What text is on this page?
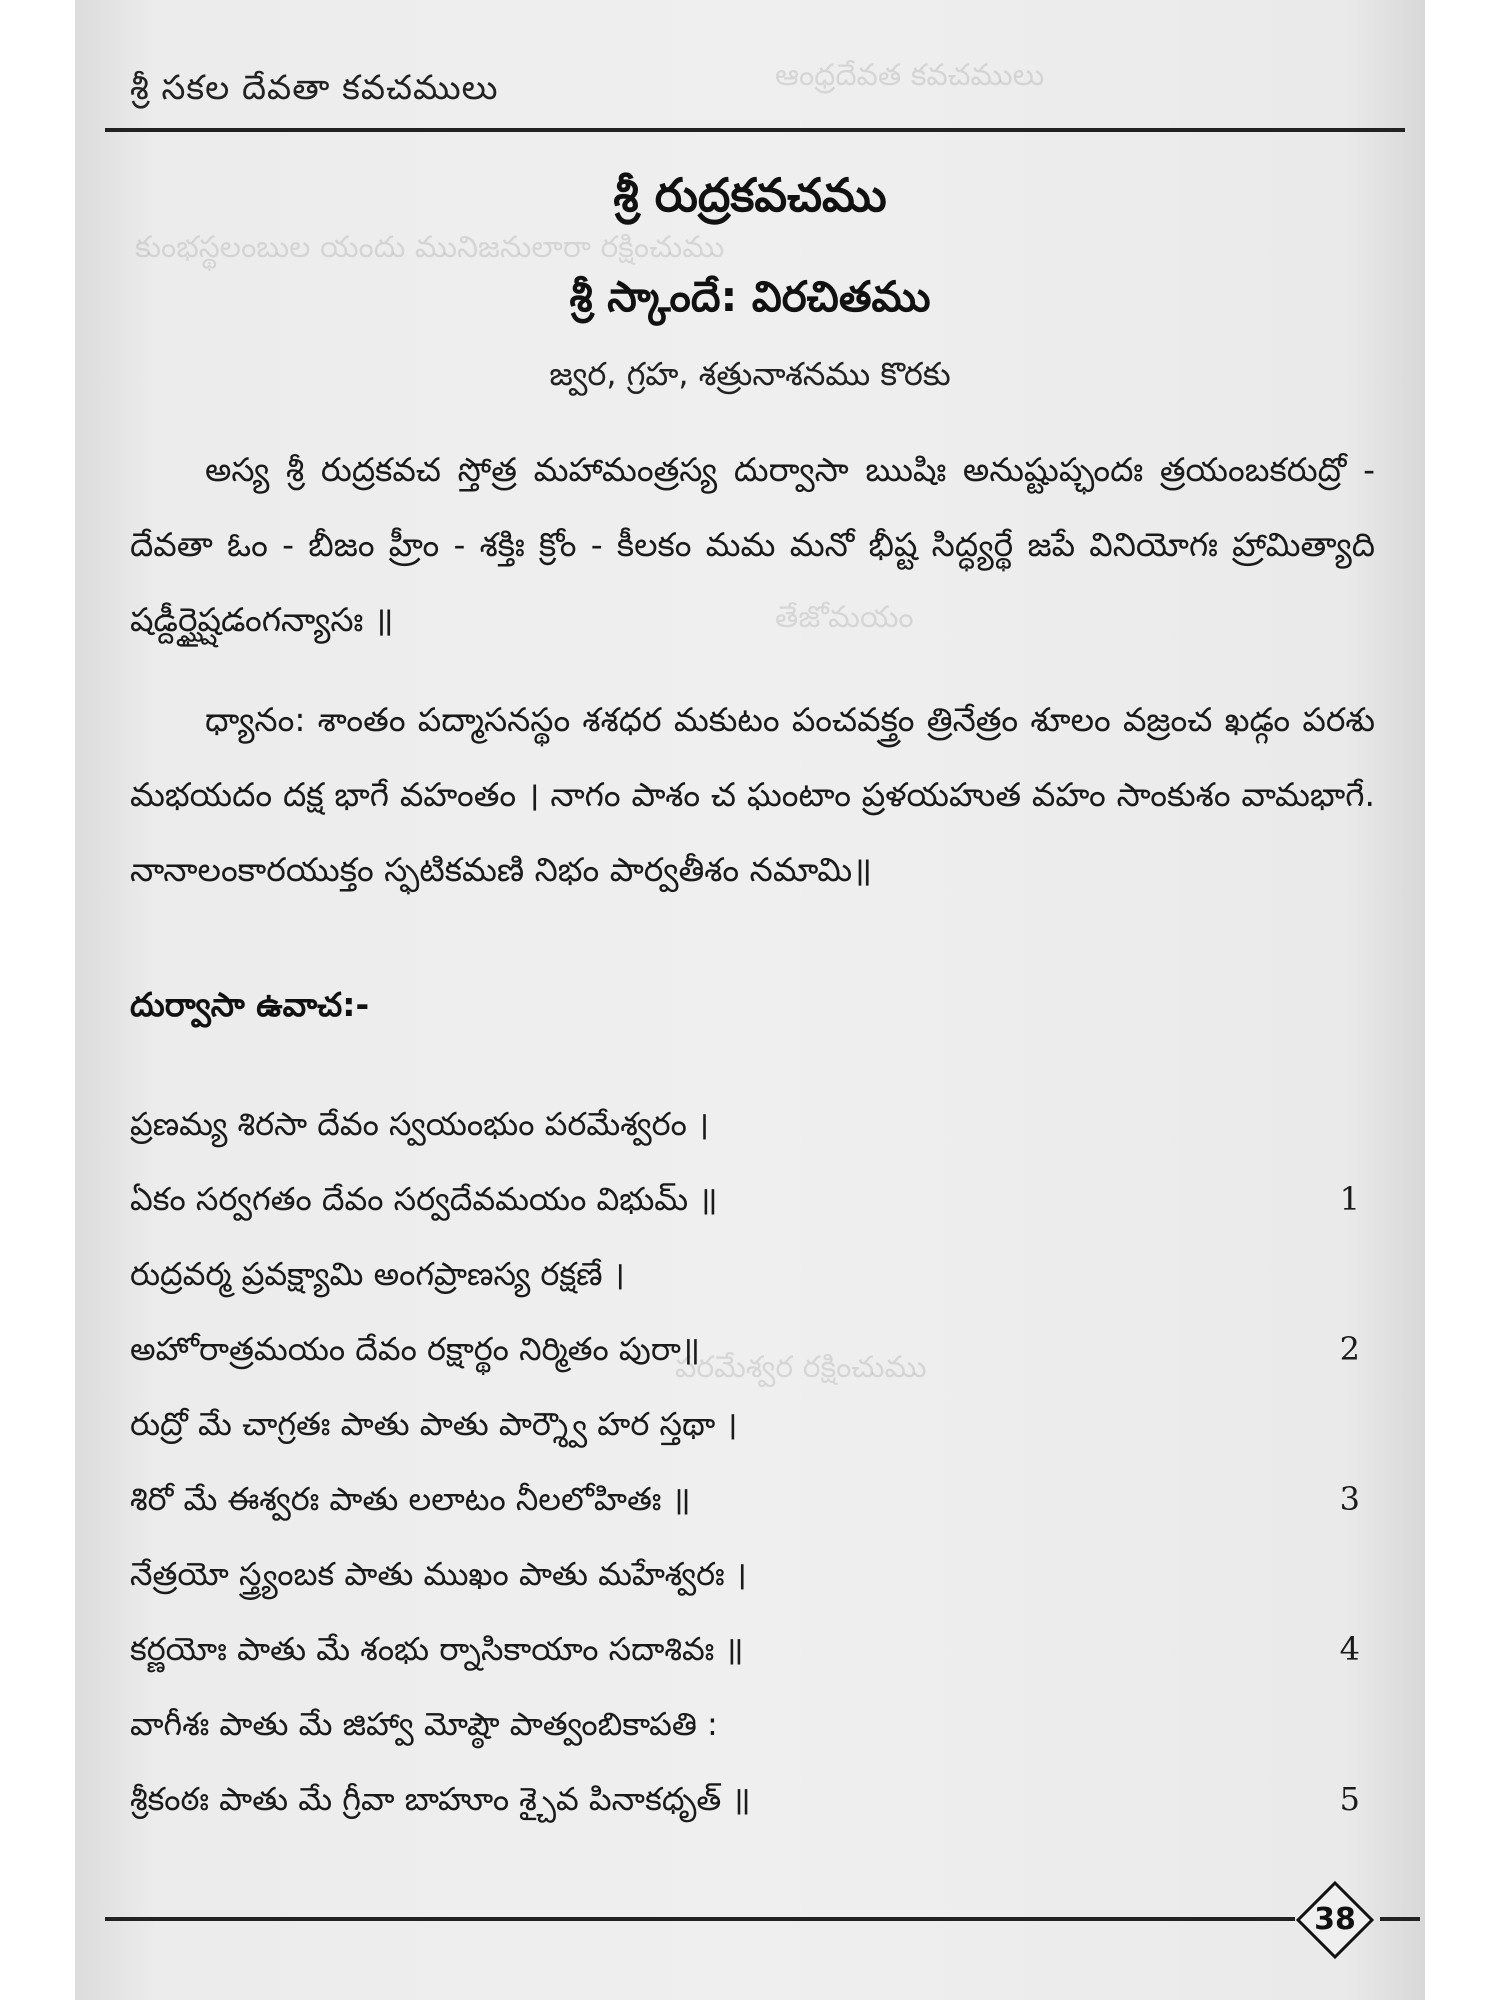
ఆంధ్రదేవత కవచములు
కుంభస్థలంబుల యందు మునిజనులారా రక్షించుము
తేజోమయం
పరమేశ్వర రక్షించుము
శ్రీ సకల దేవతా కవచములు
శ్రీ రుద్రకవచము
శ్రీ స్కాందే: విరచితము
జ్వర, గ్రహ, శత్రునాశనము కొరకు
అస్య శ్రీ రుద్రకవచ స్తోత్ర మహామంత్రస్య దుర్వాసా ఋషిః అనుష్టుప్ఛందః త్రయంబకరుద్రో - దేవతా ఓం - బీజం హ్రీం - శక్తిః క్రోం - కీలకం మమ మనో భీష్ట సిద్ధ్యర్థే జపే వినియోగః హ్రామిత్యాది షడ్దీర్ఘైష్షడంగన్యాసః ॥
ధ్యానం: శాంతం పద్మాసనస్థం శశధర మకుటం పంచవక్త్రం త్రినేత్రం శూలం వజ్రంచ ఖడ్గం పరశు మభయదం దక్ష భాగే వహంతం । నాగం పాశం చ ఘంటాం ప్రళయహుత వహం సాంకుశం వామభాగే. నానాలంకారయుక్తం స్ఫటికమణి నిభం పార్వతీశం నమామి॥
దుర్వాసా ఉవాచ:-
ప్రణమ్య శిరసా దేవం స్వయంభుం పరమేశ్వరం ।
ఏకం సర్వగతం దేవం సర్వదేవమయం విభుమ్ ॥	1
రుద్రవర్మ ప్రవక్ష్యామి అంగప్రాణస్య రక్షణే ।
అహోరాత్రమయం దేవం రక్షార్థం నిర్మితం పురా॥	2
రుద్రో మే చాగ్రతః పాతు పాతు పార్శ్వౌ హర స్తథా ।
శిరో మే ఈశ్వరః పాతు లలాటం నీలలోహితః ॥	3
నేత్రయో స్త్ర్యంబక పాతు ముఖం పాతు మహేశ్వరః ।
కర్ణయోః పాతు మే శంభు ర్నాసికాయాం సదాశివః ॥	4
వాగీశః పాతు మే జిహ్వా మోష్ఠౌ పాత్వంబికాపతి :
శ్రీకంఠః పాతు మే గ్రీవా బాహూం శ్చైవ పినాకధృత్ ॥	5
38
